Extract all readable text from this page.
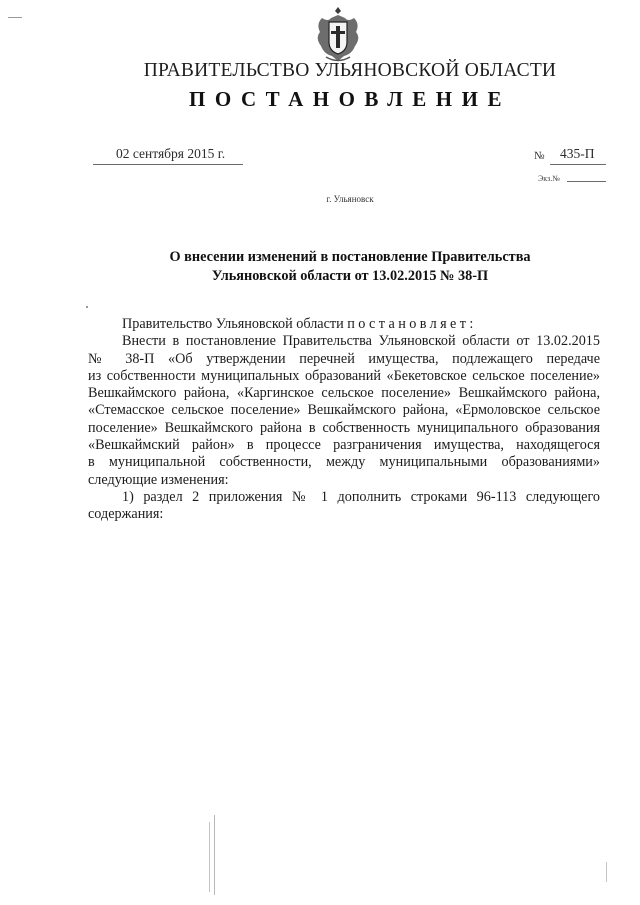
ПРАВИТЕЛЬСТВО УЛЬЯНОВСКОЙ ОБЛАСТИ
ПОСТАНОВЛЕНИЕ
02 сентября 2015 г.	№ 435-П
Экз.№
г. Ульяновск
О внесении изменений в постановление Правительства
Ульяновской области от 13.02.2015 № 38-П

Правительство Ульяновской области постановляет:

Внести в постановление Правительства Ульяновской области от 13.02.2015

№ 38-П «Об утверждении перечней имущества, подлежащего передаче

из собственности муниципальных образований «Бекетовское сельское поселение»

Вешкаймского района, «Каргинское сельское поселение» Вешкаймского района,

«Стемасское сельское поселение» Вешкаймского района, «Ермоловское сельское

поселение» Вешкаймского района в собственность муниципального образования

«Вешкаймский район» в процессе разграничения имущества, находящегося

в муниципальной собственности, между муниципальными образованиями»

следующие изменения:

1) раздел 2 приложения № 1 дополнить строками 96-113 следующего

содержания:
